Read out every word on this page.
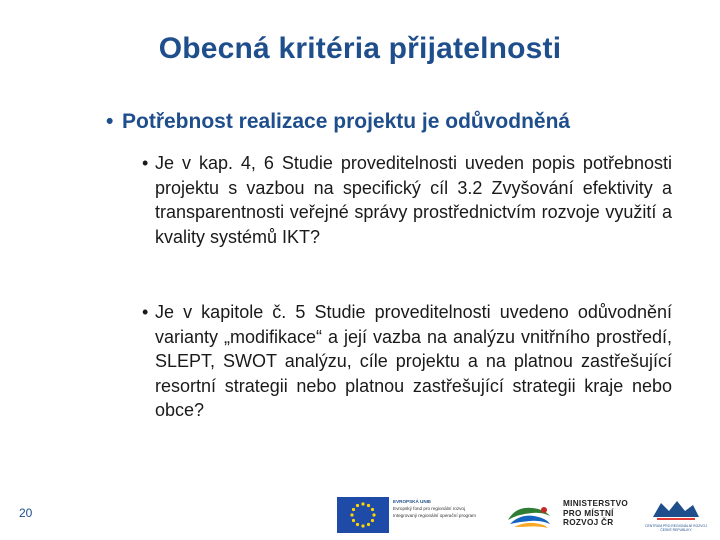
Obecná kritéria přijatelnosti
• Potřebnost realizace projektu je odůvodněná
• Je v kap. 4, 6 Studie proveditelnosti uveden popis potřebnosti projektu s vazbou na specifický cíl 3.2 Zvyšování efektivity a transparentnosti veřejné správy prostřednictvím rozvoje využití a kvality systémů IKT?
• Je v kapitole č. 5 Studie proveditelnosti uvedeno odůvodnění varianty „modifikace“ a její vazba na analýzu vnitřního prostředí, SLEPT, SWOT analýzu, cíle projektu a na platnou zastřešující resortní strategii nebo platnou zastřešující strategii kraje nebo obce?
20
EVROPSKÁ UNIE
Evropský fond pro regionální rozvoj
Integrovaný regionální operační program
MINISTERSTVO
PRO MÍSTNÍ
ROZVOJ ČR	CENTRUM PRO REGIONÁLNÍ ROZVOJ
ČESKÉ REPUBLIKY
